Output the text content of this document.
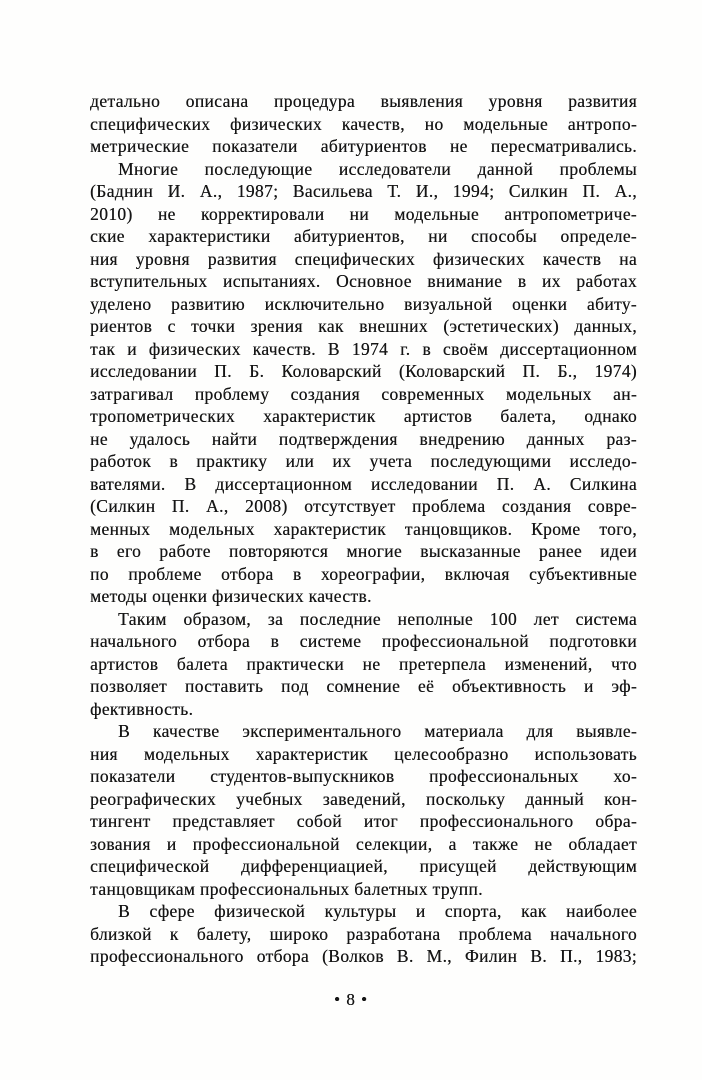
детально описана процедура выявления уровня развития
специфических физических качеств, но модельные антропо-
метрические показатели абитуриентов не пересматривались.
Многие последующие исследователи данной проблемы
(Баднин И. А., 1987; Васильева Т. И., 1994; Силкин П. А.,
2010) не корректировали ни модельные антропометриче-
ские характеристики абитуриентов, ни способы определе-
ния уровня развития специфических физических качеств на
вступительных испытаниях. Основное внимание в их работах
уделено развитию исключительно визуальной оценки абиту-
риентов с точки зрения как внешних (эстетических) данных,
так и физических качеств. В 1974 г. в своём диссертационном
исследовании П. Б. Коловарский (Коловарский П. Б., 1974)
затрагивал проблему создания современных модельных ан-
тропометрических характеристик артистов балета, однако
не удалось найти подтверждения внедрению данных раз-
работок в практику или их учета последующими исследо-
вателями. В диссертационном исследовании П. А. Силкина
(Силкин П. А., 2008) отсутствует проблема создания совре-
менных модельных характеристик танцовщиков. Кроме того,
в его работе повторяются многие высказанные ранее идеи
по проблеме отбора в хореографии, включая субъективные
методы оценки физических качеств.
Таким образом, за последние неполные 100 лет система
начального отбора в системе профессиональной подготовки
артистов балета практически не претерпела изменений, что
позволяет поставить под сомнение её объективность и эф-
фективность.
В качестве экспериментального материала для выявле-
ния модельных характеристик целесообразно использовать
показатели студентов-выпускников профессиональных хо-
реографических учебных заведений, поскольку данный кон-
тингент представляет собой итог профессионального обра-
зования и профессиональной селекции, а также не обладает
специфической дифференциацией, присущей действующим
танцовщикам профессиональных балетных трупп.
В сфере физической культуры и спорта, как наиболее
близкой к балету, широко разработана проблема начального
профессионального отбора (Волков В. М., Филин В. П., 1983;
• 8 •
